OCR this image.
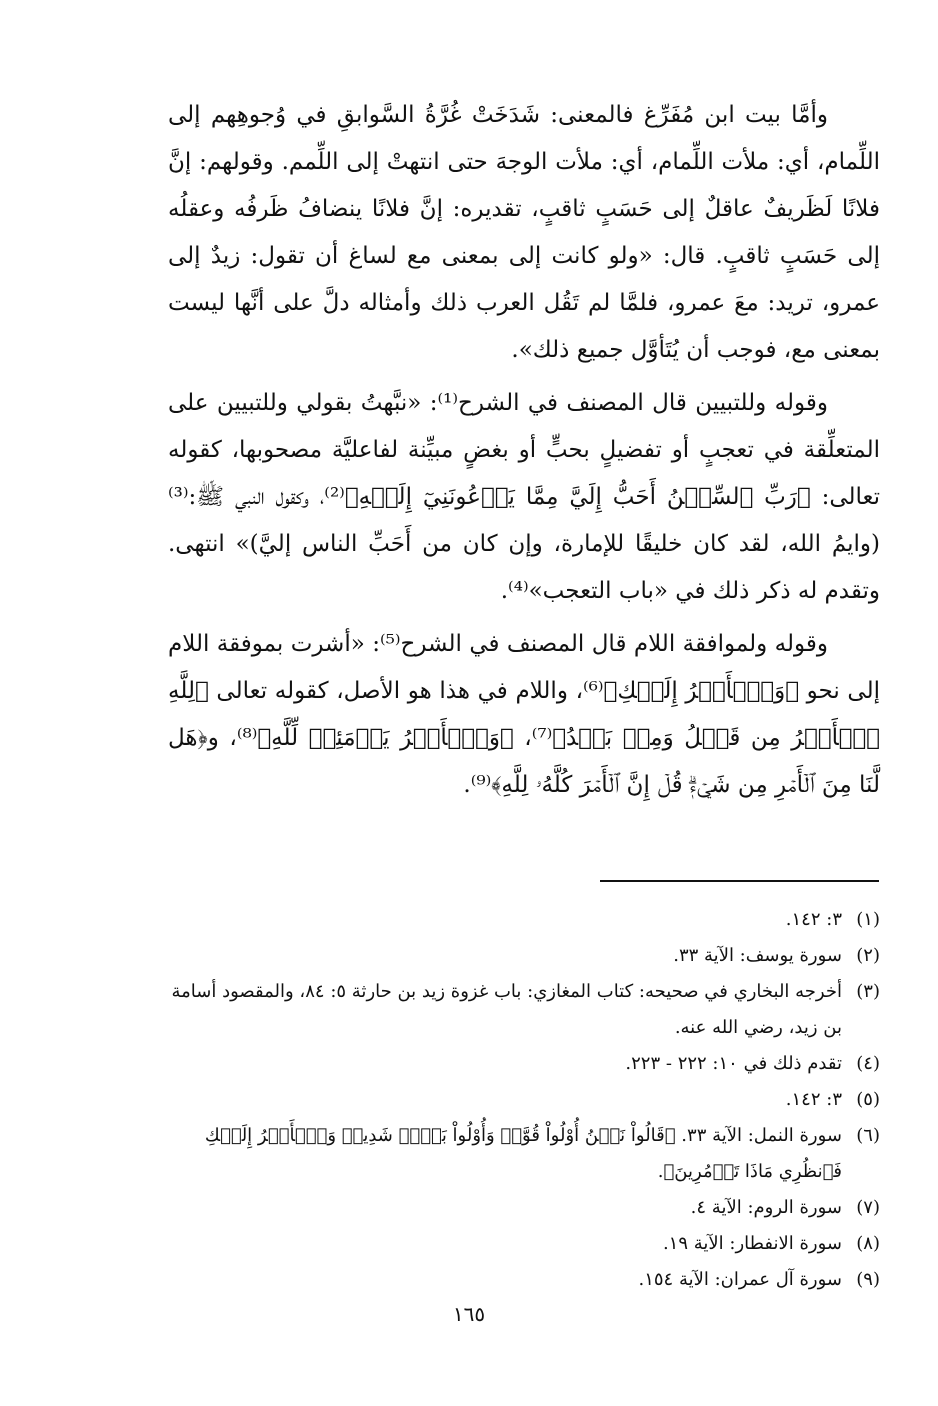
وأمَّا بيت ابن مُفَرِّغ فالمعنى: شَدَخَتْ غُرَّةُ السَّوابقِ في وُجوهِهم إلى اللِّمام، أي: ملأت اللِّمام، أي: ملأت الوجهَ حتى انتهتْ إلى اللِّمم. وقولهم: إنَّ فلانًا لَظَريفٌ عاقلٌ إلى حَسَبٍ ثاقبٍ، تقديره: إنَّ فلانًا ينضافُ ظَرفُه وعقلُه إلى حَسَبٍ ثاقبٍ. قال: «ولو كانت إلى بمعنى مع لساغ أن تقول: زيدٌ إلى عمرو، تريد: معَ عمرو، فلمَّا لم تَقُل العرب ذلك وأمثاله دلَّ على أنَّها ليست بمعنى مع، فوجب أن يُتَأوَّل جميع ذلك».

وقوله وللتبيين قال المصنف في الشرح⁽¹⁾: «نبَّهتُ بقولي وللتبيين على المتعلِّقة في تعجبٍ أو تفضيلٍ بحبٍّ أو بغضٍ مبيِّنة لفاعليَّة مصحوبها، كقوله تعالى: ﴿رَبِّ ٱلسِّجۡنُ أَحَبُّ إِلَيَّ مِمَّا يَدۡعُونَنِيٓ إِلَيۡهِ﴾⁽²⁾، وكقول النبي ﷺ:⁽³⁾ (وايمُ الله، لقد كان خليقًا للإمارة، وإن كان من أَحَبِّ الناس إليَّ)» انتهى. وتقدم له ذكر ذلك في «باب التعجب»⁽⁴⁾.

وقوله ولموافقة اللام قال المصنف في الشرح⁽⁵⁾: «أشرت بموفقة اللام إلى نحو ﴿وَٱلۡأَمۡرُ إِلَيۡكِ﴾⁽⁶⁾، واللام في هذا هو الأصل، كقوله تعالى ﴿لِلَّهِ ٱلۡأَمۡرُ مِن قَبۡلُ وَمِنۢ بَعۡدُ﴾⁽⁷⁾، ﴿وَٱلۡأَمۡرُ يَوۡمَئِذٖ لِّلَّهِ﴾⁽⁸⁾، و﴿هَل لَّنَا مِنَ ٱلۡأَمۡرِ مِن شَيۡءٖۗ قُلۡ إِنَّ ٱلۡأَمۡرَ كُلَّهُۥ لِلَّهِ﴾⁽⁹⁾.

(١)
٣: ١٤٢.

(٢)
سورة يوسف: الآية ٣٣.

(٣)
أخرجه البخاري في صحيحه: كتاب المغازي: باب غزوة زيد بن حارثة ٥: ٨٤، والمقصود أسامة بن زيد، رضي الله عنه.

(٤)
تقدم ذلك في ١٠: ٢٢٢ - ٢٢٣.

(٥)
٣: ١٤٢.

(٦)
سورة النمل: الآية ٣٣. ﴿قَالُواْ نَحۡنُ أُوْلُواْ قُوَّةٖ وَأُوْلُواْ بَأۡسٖ شَدِيدٖ وَٱلۡأَمۡرُ إِلَيۡكِ فَٱنظُرِي مَاذَا تَأۡمُرِينَ﴾.

(٧)
سورة الروم: الآية ٤.

(٨)
سورة الانفطار: الآية ١٩.

(٩)
سورة آل عمران: الآية ١٥٤.

١٦٥
